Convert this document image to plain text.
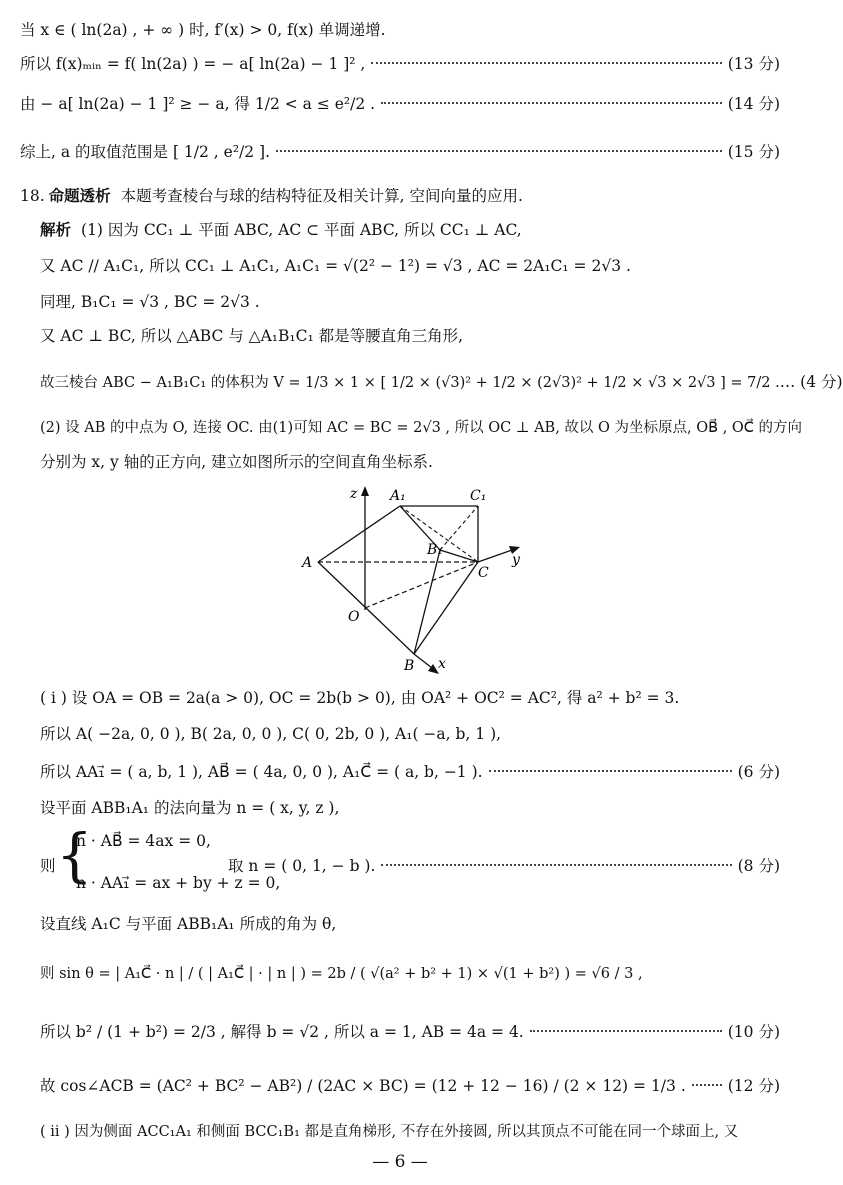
当 x ∈ ( ln(2a) , + ∞ ) 时, f′(x) > 0, f(x) 单调递增.
所以 f(x)ₘᵢₙ = f( ln(2a) ) = − a[ ln(2a) − 1 ]² ,	(13 分)
由 − a[ ln(2a) − 1 ]² ≥ − a, 得 1/2 < a ≤ e²/2 .	(14 分)
综上, a 的取值范围是 [ 1/2 , e²/2 ].	(15 分)
18. 命题透析 本题考查棱台与球的结构特征及相关计算, 空间向量的应用.
解析 (1) 因为 CC₁ ⊥ 平面 ABC, AC ⊂ 平面 ABC, 所以 CC₁ ⊥ AC,
又 AC // A₁C₁, 所以 CC₁ ⊥ A₁C₁, A₁C₁ = √(2² − 1²) = √3 , AC = 2A₁C₁ = 2√3 .
同理, B₁C₁ = √3 , BC = 2√3 .
又 AC ⊥ BC, 所以 △ABC 与 △A₁B₁C₁ 都是等腰直角三角形,
故三棱台 ABC − A₁B₁C₁ 的体积为 V = 1/3 × 1 × [ 1/2 × (√3)² + 1/2 × (2√3)² + 1/2 × √3 × 2√3 ] = 7/2 . … (4 分)
(2) 设 AB 的中点为 O, 连接 OC. 由(1)可知 AC = BC = 2√3 , 所以 OC ⊥ AB, 故以 O 为坐标原点, OB⃗ , OC⃗ 的方向
分别为 x, y 轴的正方向, 建立如图所示的空间直角坐标系.
z A₁	C₁
B₁
A
C
y
O
B x
( i ) 设 OA = OB = 2a(a > 0), OC = 2b(b > 0), 由 OA² + OC² = AC², 得 a² + b² = 3.
所以 A( −2a, 0, 0 ), B( 2a, 0, 0 ), C( 0, 2b, 0 ), A₁( −a, b, 1 ),
所以 AA₁⃗ = ( a, b, 1 ), AB⃗ = ( 4a, 0, 0 ), A₁C⃗ = ( a, b, −1 ).	(6 分)
设平面 ABB₁A₁ 的法向量为 n = ( x, y, z ),
则 {
n · AB⃗ = 4ax = 0,
n · AA₁⃗ = ax + by + z = 0,
取 n = ( 0, 1, − b ).	(8 分)
设直线 A₁C 与平面 ABB₁A₁ 所成的角为 θ,
则 sin θ = | A₁C⃗ · n | / ( | A₁C⃗ | · | n | ) = 2b / ( √(a² + b² + 1) × √(1 + b²) ) = √6 / 3 ,
所以 b² / (1 + b²) = 2/3 , 解得 b = √2 , 所以 a = 1, AB = 4a = 4.	(10 分)
故 cos∠ACB = (AC² + BC² − AB²) / (2AC × BC) = (12 + 12 − 16) / (2 × 12) = 1/3 .	(12 分)
( ii ) 因为侧面 ACC₁A₁ 和侧面 BCC₁B₁ 都是直角梯形, 不存在外接圆, 所以其顶点不可能在同一个球面上, 又
— 6 —
